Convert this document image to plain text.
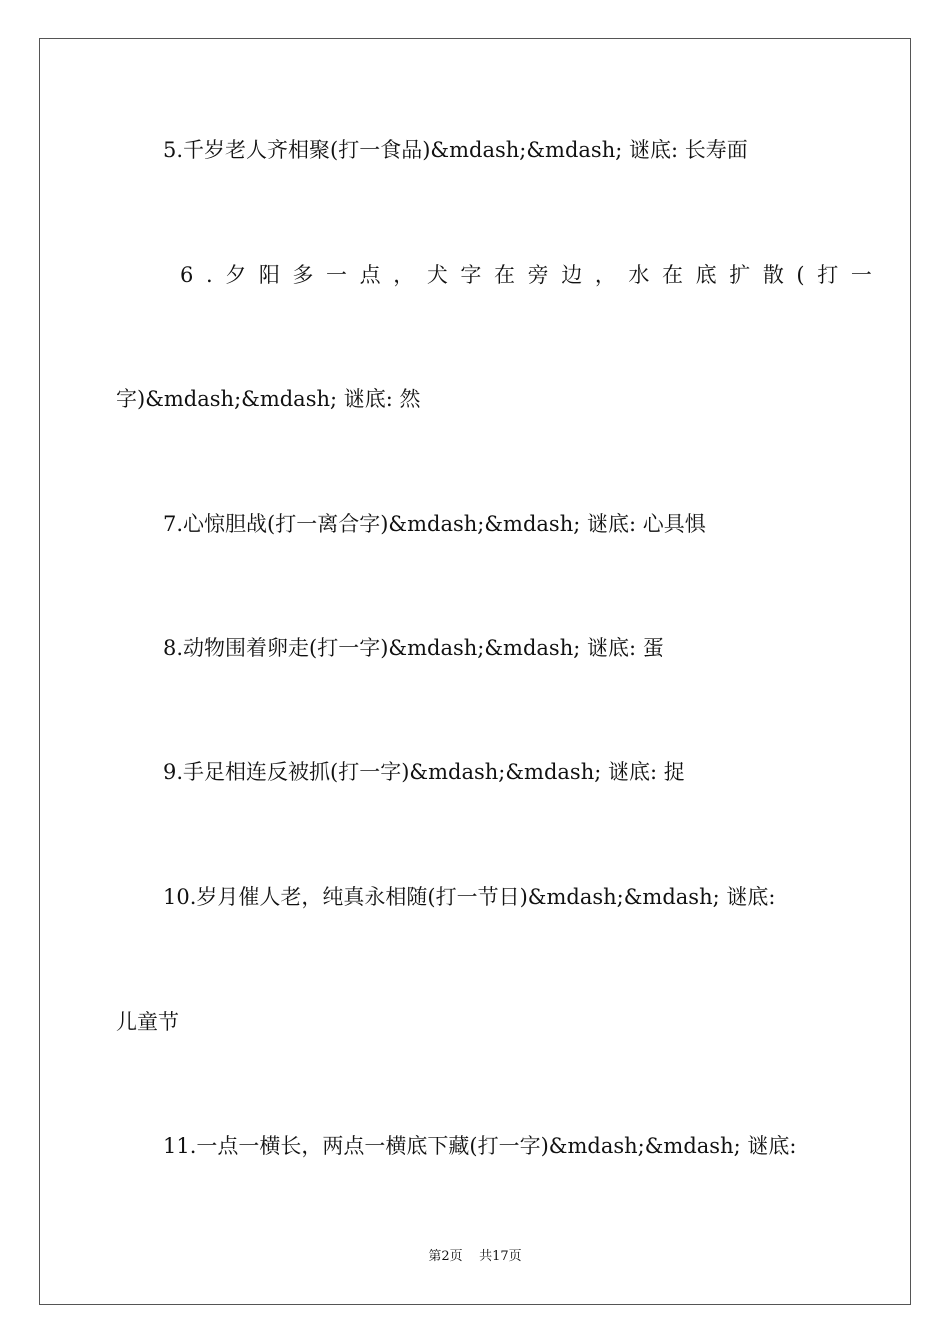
5.千岁老人齐相聚(打一食品)&mdash;&mdash; 谜底: 长寿面
6.夕阳多一点，犬字在旁边，水在底扩散(打一
字)&mdash;&mdash; 谜底: 然
7.心惊胆战(打一离合字)&mdash;&mdash; 谜底: 心具惧
8.动物围着卵走(打一字)&mdash;&mdash; 谜底: 蛋
9.手足相连反被抓(打一字)&mdash;&mdash; 谜底: 捉
10.岁月催人老，纯真永相随(打一节日)&mdash;&mdash; 谜底:
儿童节
11.一点一横长，两点一横底下藏(打一字)&mdash;&mdash; 谜底:
第2页 共17页
